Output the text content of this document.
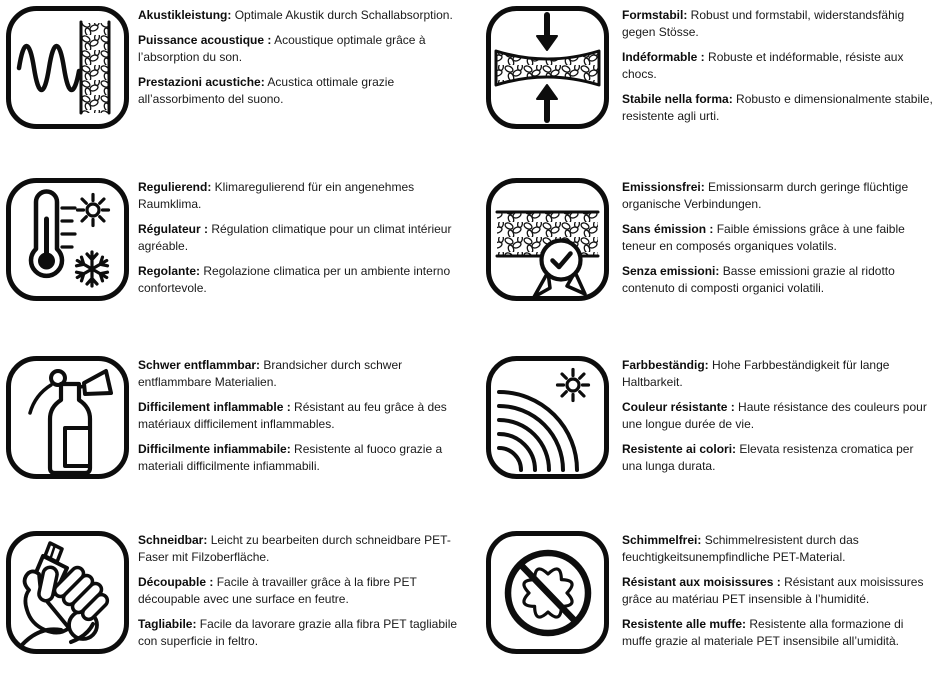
Akustikleistung: Optimale Akustik durch Schallabsorption.

Puissance acoustique : Acoustique optimale grâce à l’absorption du son.

Prestazioni acustiche: Acustica ottimale grazie all’assorbimento del suono.

Formstabil: Robust und formstabil, widerstandsfähig gegen Stösse.

Indéformable : Robuste et indéformable, résiste aux chocs.

Stabile nella forma: Robusto e dimensionalmente stabile, resistente agli urti.

Regulierend: Klimaregulierend für ein angenehmes Raumklima.

Régulateur : Régulation climatique pour un climat intérieur agréable.

Regolante: Regolazione climatica per un ambiente interno confortevole.

Emissionsfrei: Emissionsarm durch geringe flüchtige organische Verbindungen.

Sans émission : Faible émissions grâce à une faible teneur en composés organiques volatils.

Senza emissioni: Basse emissioni grazie al ridotto contenuto di composti organici volatili.

Schwer entflammbar: Brandsicher durch schwer entflammbare Materialien.

Difficilement inflammable : Résistant au feu grâce à des matériaux difficilement inflammables.

Difficilmente infiammabile: Resistente al fuoco grazie a materiali difficilmente infiammabili.

Farbbeständig: Hohe Farbbeständigkeit für lange Haltbarkeit.

Couleur résistante : Haute résistance des couleurs pour une longue durée de vie.

Resistente ai colori: Elevata resistenza cromatica per una lunga durata.

Schneidbar: Leicht zu bearbeiten durch schneidbare PET-Faser mit Filzoberfläche.

Découpable : Facile à travailler grâce à la fibre PET découpable avec une surface en feutre.

Tagliabile: Facile da lavorare grazie alla fibra PET tagliabile con superficie in feltro.

Schimmelfrei: Schimmelresistent durch das feuchtigkeitsunempfindliche PET-Material.

Résistant aux moisissures : Résistant aux moisissures grâce au matériau PET insensible à l’humidité.

Resistente alle muffe: Resistente alla formazione di muffe grazie al materiale PET insensibile all’umidità.
